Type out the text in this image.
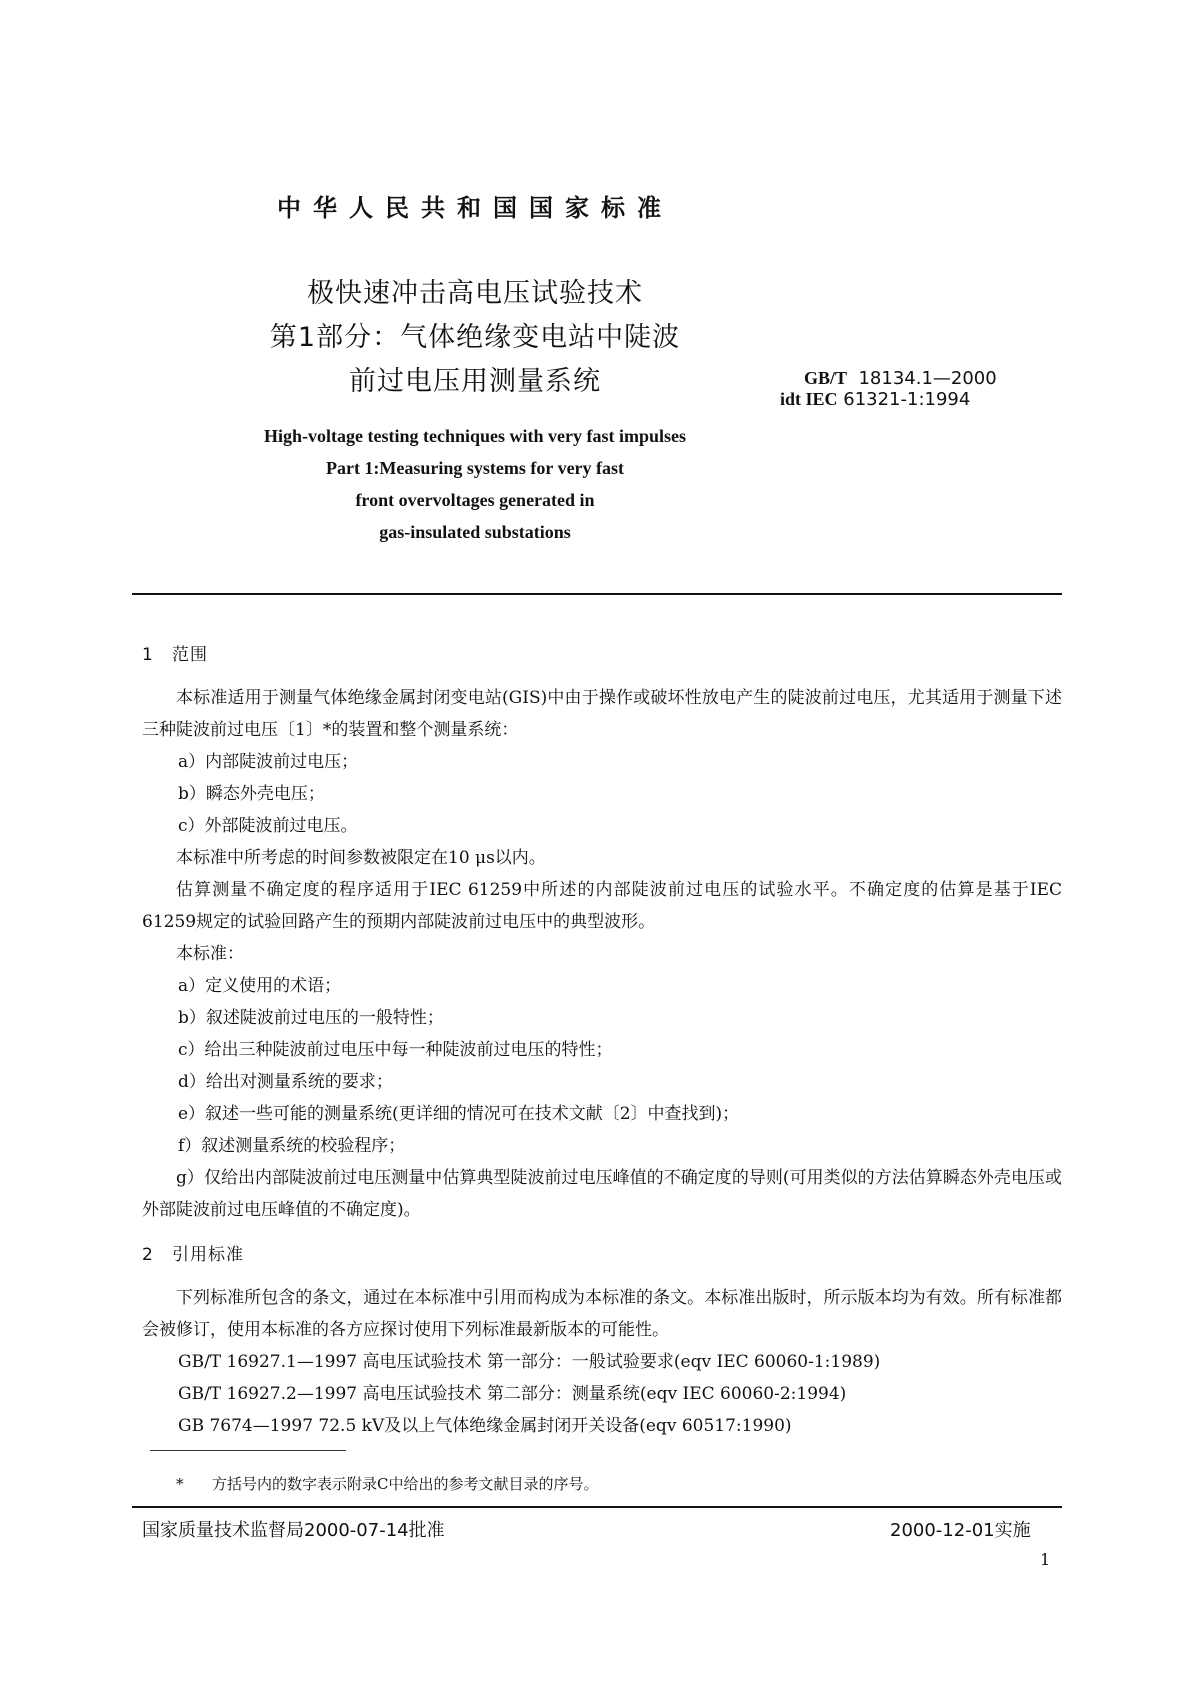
中华人民共和国国家标准
极快速冲击高电压试验技术
第1部分：气体绝缘变电站中陡波
前过电压用测量系统	GB/T 18134.1—2000
idt IEC 61321-1:1994
High-voltage testing techniques with very fast impulses
Part 1:Measuring systems for very fast
front overvoltages generated in
gas-insulated substations
1 范围

本标准适用于测量气体绝缘金属封闭变电站(GIS)中由于操作或破坏性放电产生的陡波前过电压，尤其适用于测量下述三种陡波前过电压〔1〕*的装置和整个测量系统：

a）内部陡波前过电压；
b）瞬态外壳电压；
c）外部陡波前过电压。

本标准中所考虑的时间参数被限定在10 μs以内。

估算测量不确定度的程序适用于IEC 61259中所述的内部陡波前过电压的试验水平。不确定度的估算是基于IEC 61259规定的试验回路产生的预期内部陡波前过电压中的典型波形。

本标准：

a）定义使用的术语；
b）叙述陡波前过电压的一般特性；
c）给出三种陡波前过电压中每一种陡波前过电压的特性；
d）给出对测量系统的要求；
e）叙述一些可能的测量系统(更详细的情况可在技术文献〔2〕中查找到)；
f）叙述测量系统的校验程序；

g）仅给出内部陡波前过电压测量中估算典型陡波前过电压峰值的不确定度的导则(可用类似的方法估算瞬态外壳电压或外部陡波前过电压峰值的不确定度)。

2 引用标准

下列标准所包含的条文，通过在本标准中引用而构成为本标准的条文。本标准出版时，所示版本均为有效。所有标准都会被修订，使用本标准的各方应探讨使用下列标准最新版本的可能性。

GB/T 16927.1—1997 高电压试验技术 第一部分：一般试验要求(eqv IEC 60060-1:1989)
GB/T 16927.2—1997 高电压试验技术 第二部分：测量系统(eqv IEC 60060-2:1994)
GB 7674—1997 72.5 kV及以上气体绝缘金属封闭开关设备(eqv 60517:1990)
* 方括号内的数字表示附录C中给出的参考文献目录的序号。
国家质量技术监督局2000-07-14批准	2000-12-01实施
1
